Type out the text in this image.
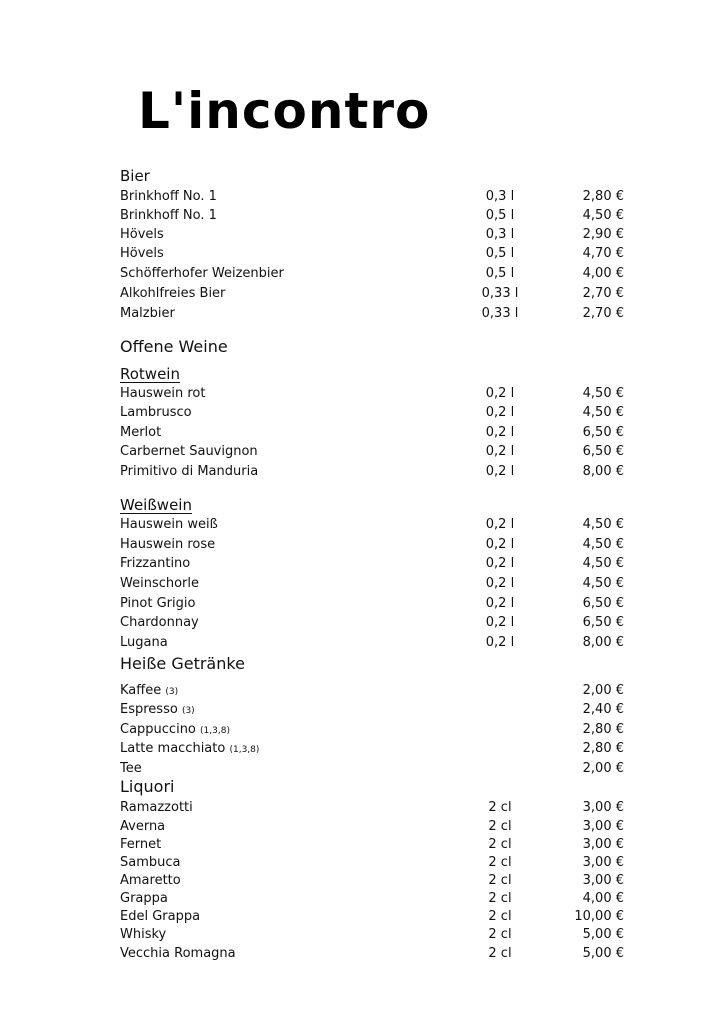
L'incontro
Bier
Brinkhoff No. 1	0,3 l	2,80 €
Brinkhoff No. 1	0,5 l	4,50 €
Hövels	0,3 l	2,90 €
Hövels	0,5 l	4,70 €
Schöfferhofer Weizenbier	0,5 l	4,00 €
Alkohlfreies Bier	0,33 l	2,70 €
Malzbier	0,33 l	2,70 €
Offene Weine
Rotwein
Hauswein rot	0,2 l	4,50 €
Lambrusco	0,2 l	4,50 €
Merlot	0,2 l	6,50 €
Carbernet Sauvignon	0,2 l	6,50 €
Primitivo di Manduria	0,2 l	8,00 €
Weißwein
Hauswein weiß	0,2 l	4,50 €
Hauswein rose	0,2 l	4,50 €
Frizzantino	0,2 l	4,50 €
Weinschorle	0,2 l	4,50 €
Pinot Grigio	0,2 l	6,50 €
Chardonnay	0,2 l	6,50 €
Lugana	0,2 l	8,00 €
Heiße Getränke
Kaffee (3)	2,00 €
Espresso (3)	2,40 €
Cappuccino (1,3,8)	2,80 €
Latte macchiato (1,3,8)	2,80 €
Tee	2,00 €
Liquori
Ramazzotti	2 cl	3,00 €
Averna	2 cl	3,00 €
Fernet	2 cl	3,00 €
Sambuca	2 cl	3,00 €
Amaretto	2 cl	3,00 €
Grappa	2 cl	4,00 €
Edel Grappa	2 cl	10,00 €
Whisky	2 cl	5,00 €
Vecchia Romagna	2 cl	5,00 €
